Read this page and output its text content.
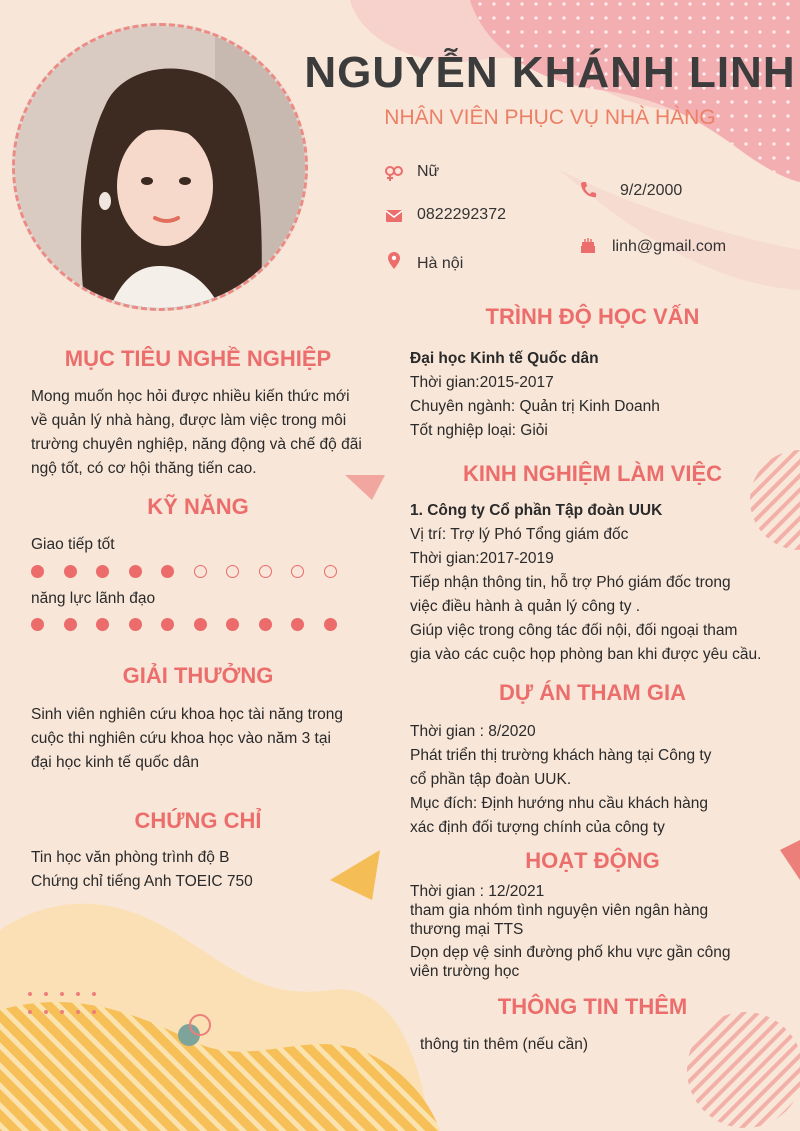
NGUYỄN KHÁNH LINH
NHÂN VIÊN PHỤC VỤ NHÀ HÀNG
Nữ
9/2/2000
0822292372
linh@gmail.com
Hà nội
MỤC TIÊU NGHỀ NGHIỆP
Mong muốn học hỏi được nhiều kiến thức mới
về quản lý nhà hàng, được làm việc trong môi
trường chuyên nghiệp, năng động và chế độ đãi
ngộ tốt, có cơ hội thăng tiến cao.
KỸ NĂNG
Giao tiếp tốt
năng lực lãnh đạo
GIẢI THƯỞNG
Sinh viên nghiên cứu khoa học tài năng trong
cuộc thi nghiên cứu khoa học vào năm 3 tại
đại học kinh tế quốc dân
CHỨNG CHỈ
Tin học văn phòng trình độ B
Chứng chỉ tiếng Anh TOEIC 750
TRÌNH ĐỘ HỌC VẤN
Đại học Kinh tế Quốc dân
Thời gian:2015-2017
Chuyên ngành: Quản trị Kinh Doanh
Tốt nghiệp loại: Giỏi
KINH NGHIỆM LÀM VIỆC
1. Công ty Cổ phần Tập đoàn UUK
Vị trí: Trợ lý Phó Tổng giám đốc
Thời gian:2017-2019
Tiếp nhận thông tin, hỗ trợ Phó giám đốc trong
việc điều hành à quản lý công ty .
Giúp việc trong công tác đối nội, đối ngoại tham
gia vào các cuộc họp phòng ban khi được yêu cầu.
DỰ ÁN THAM GIA
Thời gian : 8/2020
Phát triển thị trường khách hàng tại Công ty
cổ phần tập đoàn UUK.
Mục đích: Định hướng nhu cầu khách hàng
xác định đối tượng chính của công ty
HOẠT ĐỘNG
Thời gian : 12/2021
tham gia nhóm tình nguyện viên ngân hàng
thương mại TTS
Dọn dẹp vệ sinh đường phố khu vực gần công
viên trường học
THÔNG TIN THÊM
thông tin thêm (nếu cần)
